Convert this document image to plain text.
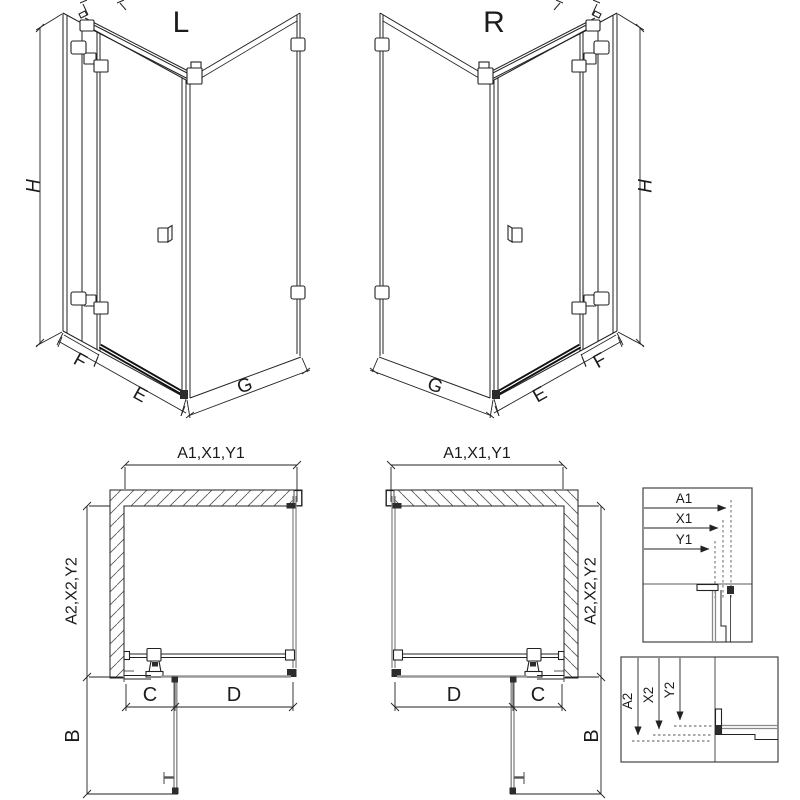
L
H
F
E	G
R
H
G	E
F
A1,X1,Y1
A2,X2,Y2
C	D
B
A1,X1,Y1
A2,X2,Y2
D	C
B
A1
X1
Y1
A2 X2 Y2
